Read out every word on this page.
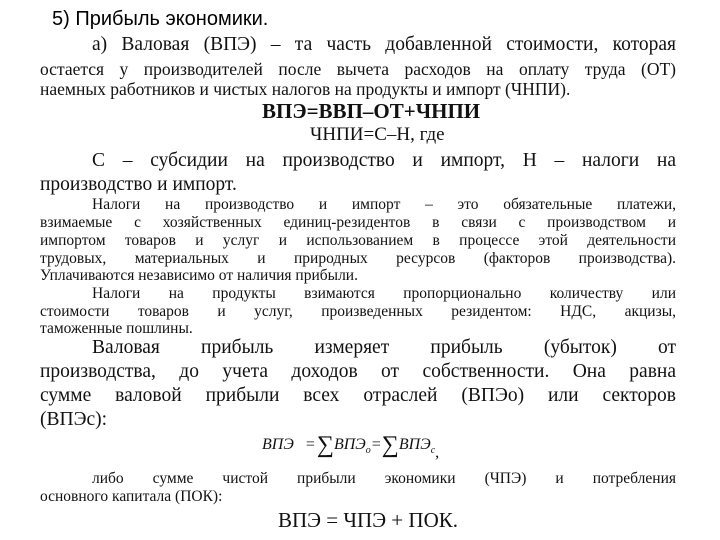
5) Прибыль экономики.
а) Валовая (ВПЭ) – та часть добавленной стоимости, которая
остается у производителей после вычета расходов на оплату труда (ОТ)
наемных работников и чистых налогов на продукты и импорт (ЧНПИ).
ВПЭ=ВВП–ОТ+ЧНПИ
ЧНПИ=С–Н, где
С – субсидии на производство и импорт, Н – налоги на
производство и импорт.
Налоги на производство и импорт – это обязательные платежи,
взимаемые с хозяйственных единиц-резидентов в связи с производством и
импортом товаров и услуг и использованием в процессе этой деятельности
трудовых, материальных и природных ресурсов (факторов производства).
Уплачиваются независимо от наличия прибыли.
Налоги на продукты взимаются пропорционально количеству или
стоимости товаров и услуг, произведенных резидентом: НДС, акцизы,
таможенные пошлины.
Валовая прибыль измеряет прибыль (убыток) от
производства, до учета доходов от собственности. Она равна
сумме валовой прибыли всех отраслей (ВПЭо) или секторов
(ВПЭс):
ВПЭ $=\sum ВПЭ_о=\sum ВПЭ_с$,
либо сумме чистой прибыли экономики (ЧПЭ) и потребления
основного капитала (ПОК):
ВПЭ = ЧПЭ + ПОК.
